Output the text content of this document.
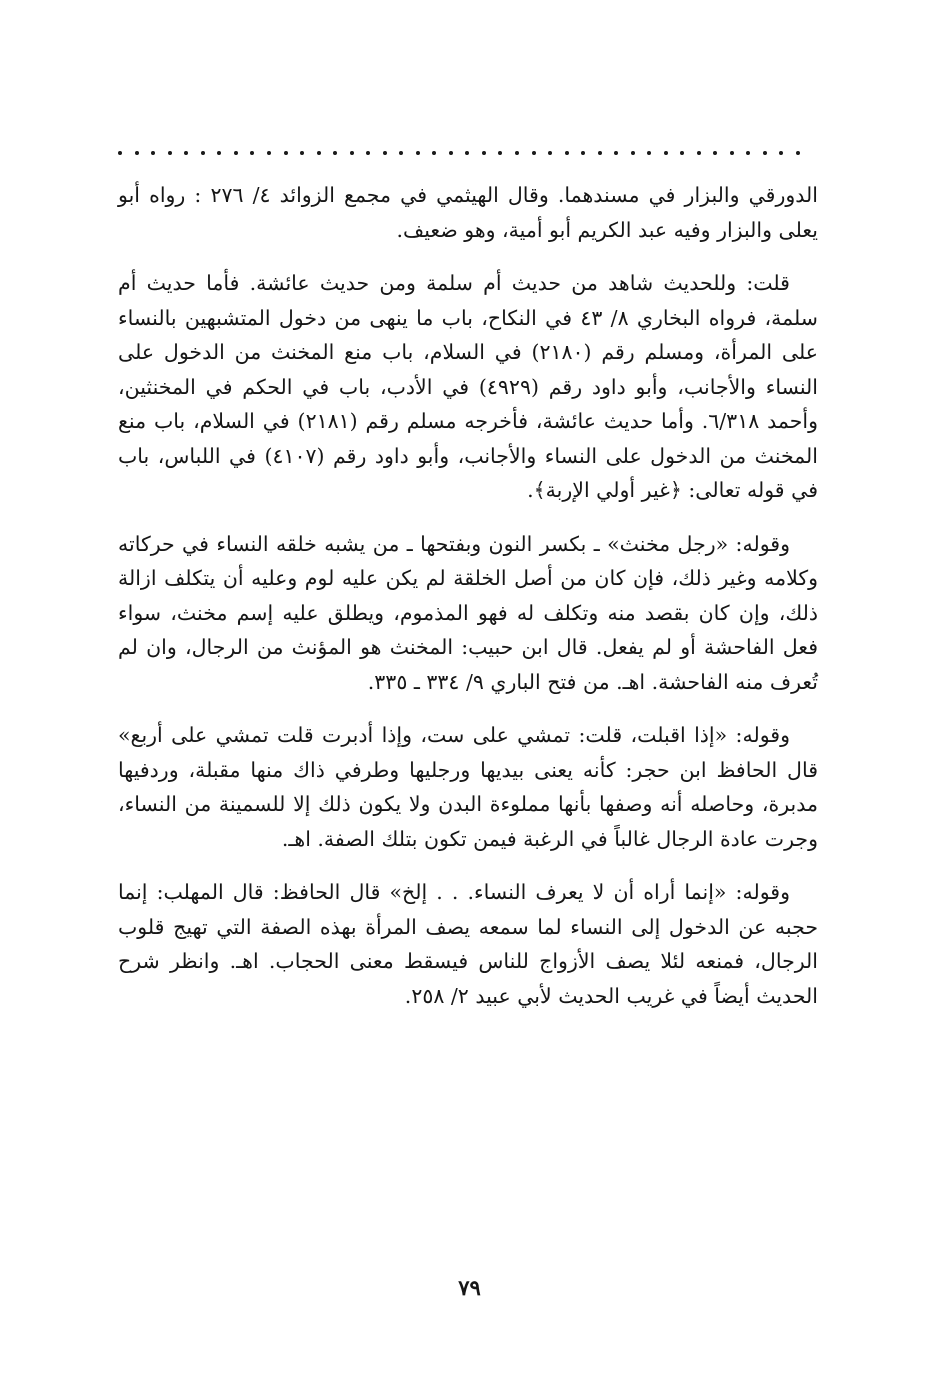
الدورقي والبزار في مسندهما. وقال الهيثمي في مجمع الزوائد ٤/ ٢٧٦ : رواه أبو يعلى والبزار وفيه عبد الكريم أبو أمية، وهو ضعيف.

قلت: وللحديث شاهد من حديث أم سلمة ومن حديث عائشة. فأما حديث أم سلمة، فرواه البخاري ٨/ ٤٣ في النكاح، باب ما ينهى من دخول المتشبهين بالنساء على المرأة، ومسلم رقم (٢١٨٠) في السلام، باب منع المخنث من الدخول على النساء والأجانب، وأبو داود رقم (٤٩٢٩) في الأدب، باب في الحكم في المخنثين، وأحمد ٦/٣١٨. وأما حديث عائشة، فأخرجه مسلم رقم (٢١٨١) في السلام، باب منع المخنث من الدخول على النساء والأجانب، وأبو داود رقم (٤١٠٧) في اللباس، باب في قوله تعالى: ﴿غير أولي الإربة﴾.

وقوله: «رجل مخنث» ـ بكسر النون وبفتحها ـ من يشبه خلقه النساء في حركاته وكلامه وغير ذلك، فإن كان من أصل الخلقة لم يكن عليه لوم وعليه أن يتكلف ازالة ذلك، وإن كان بقصد منه وتكلف له فهو المذموم، ويطلق عليه إسم مخنث، سواء فعل الفاحشة أو لم يفعل. قال ابن حبيب: المخنث هو المؤنث من الرجال، وان لم تُعرف منه الفاحشة. اهـ. من فتح الباري ٩/ ٣٣٤ ـ ٣٣٥.

وقوله: «إذا اقبلت، قلت: تمشي على ست، وإذا أدبرت قلت تمشي على أربع» قال الحافظ ابن حجر: كأنه يعنى بيديها ورجليها وطرفي ذاك منها مقبلة، وردفيها مدبرة، وحاصله أنه وصفها بأنها مملوءة البدن ولا يكون ذلك إلا للسمينة من النساء، وجرت عادة الرجال غالباً في الرغبة فيمن تكون بتلك الصفة. اهـ.

وقوله: «إنما أراه أن لا يعرف النساء. . . إلخ» قال الحافظ: قال المهلب: إنما حجبه عن الدخول إلى النساء لما سمعه يصف المرأة بهذه الصفة التي تهيج قلوب الرجال، فمنعه لئلا يصف الأزواج للناس فيسقط معنى الحجاب. اهـ. وانظر شرح الحديث أيضاً في غريب الحديث لأبي عبيد ٢/ ٢٥٨.

٧٩
